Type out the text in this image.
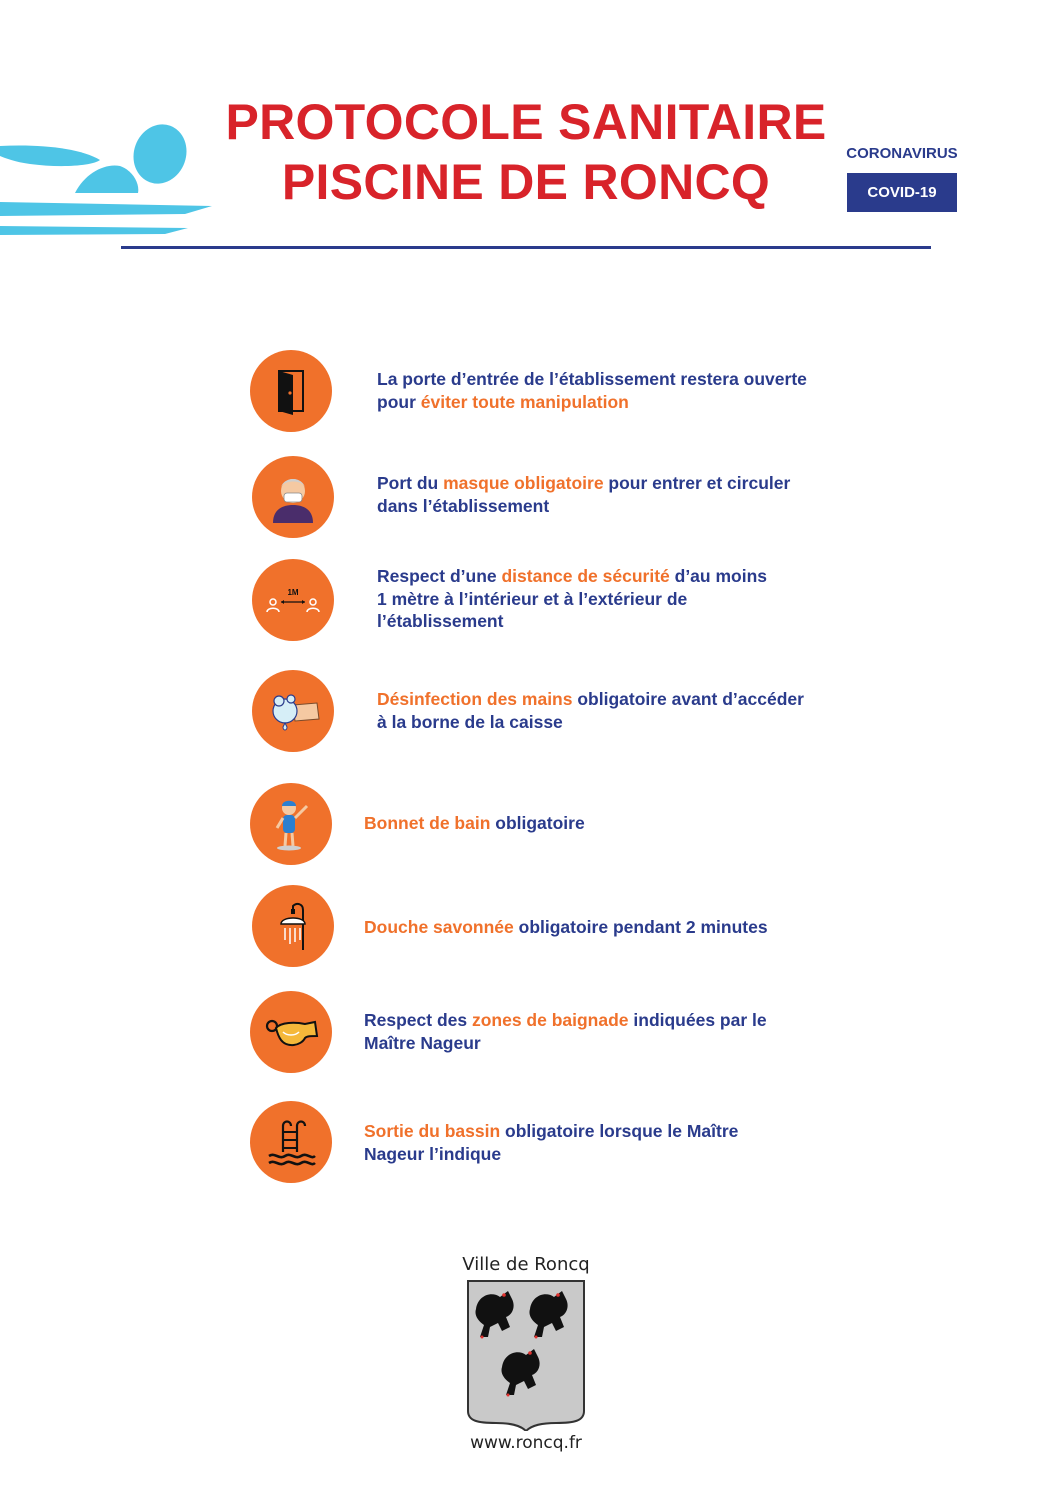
PROTOCOLE SANITAIRE
PISCINE DE RONCQ
CORONAVIRUS
COVID-19
La porte d’entrée de l’établissement restera ouverte
pour éviter toute manipulation
Port du masque obligatoire pour entrer et circuler
dans l’établissement
1M
Respect d’une distance de sécurité d’au moins
1 mètre à l’intérieur et à l’extérieur de
l’établissement
Désinfection des mains obligatoire avant d’accéder
à la borne de la caisse
Bonnet de bain obligatoire
Douche savonnée obligatoire pendant 2 minutes
Respect des zones de baignade indiquées par le
Maître Nageur
Sortie du bassin obligatoire lorsque le Maître
Nageur l’indique
Ville de Roncq
www.roncq.fr
